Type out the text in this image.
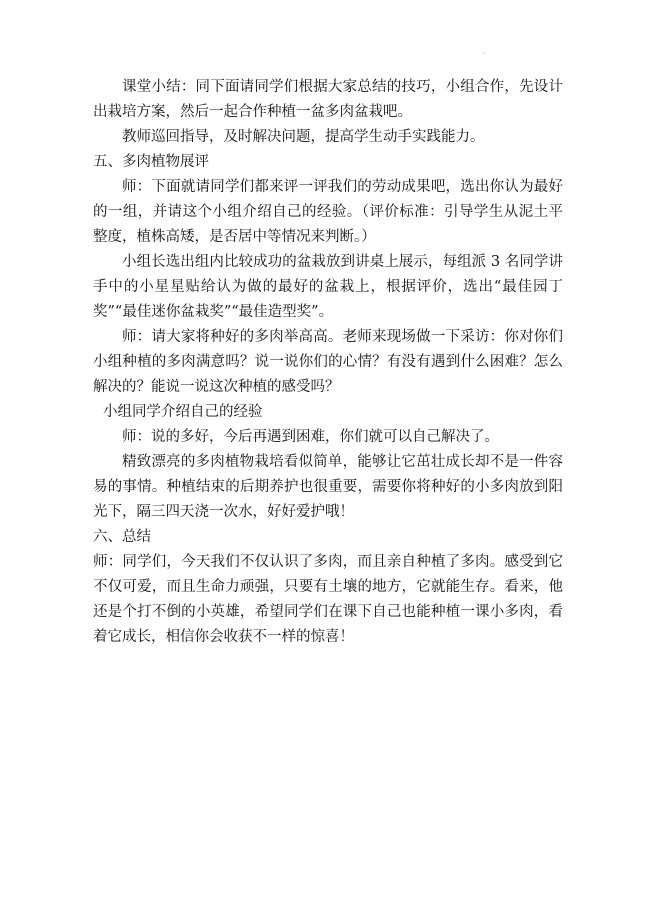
·

课堂小结：同下面请同学们根据大家总结的技巧，小组合作，先设计出栽培方案，然后一起合作种植一盆多肉盆栽吧。

教师巡回指导，及时解决问题，提高学生动手实践能力。

五、多肉植物展评

师：下面就请同学们都来评一评我们的劳动成果吧，选出你认为最好的一组，并请这个小组介绍自己的经验。（评价标准：引导学生从泥土平整度，植株高矮，是否居中等情况来判断。）

小组长选出组内比较成功的盆栽放到讲桌上展示，每组派 3 名同学讲手中的小星星贴给认为做的最好的盆栽上，根据评价，选出“最佳园丁奖”“最佳迷你盆栽奖”“最佳造型奖”。

师：请大家将种好的多肉举高高。老师来现场做一下采访：你对你们小组种植的多肉满意吗？说一说你们的心情？有没有遇到什么困难？怎么解决的？能说一说这次种植的感受吗？

小组同学介绍自己的经验

师：说的多好，今后再遇到困难，你们就可以自己解决了。

精致漂亮的多肉植物栽培看似简单，能够让它茁壮成长却不是一件容易的事情。种植结束的后期养护也很重要，需要你将种好的小多肉放到阳光下，隔三四天浇一次水，好好爱护哦！

六、总结

师：同学们，今天我们不仅认识了多肉，而且亲自种植了多肉。感受到它不仅可爱，而且生命力顽强，只要有土壤的地方，它就能生存。看来，他还是个打不倒的小英雄，希望同学们在课下自己也能种植一课小多肉，看着它成长，相信你会收获不一样的惊喜！
